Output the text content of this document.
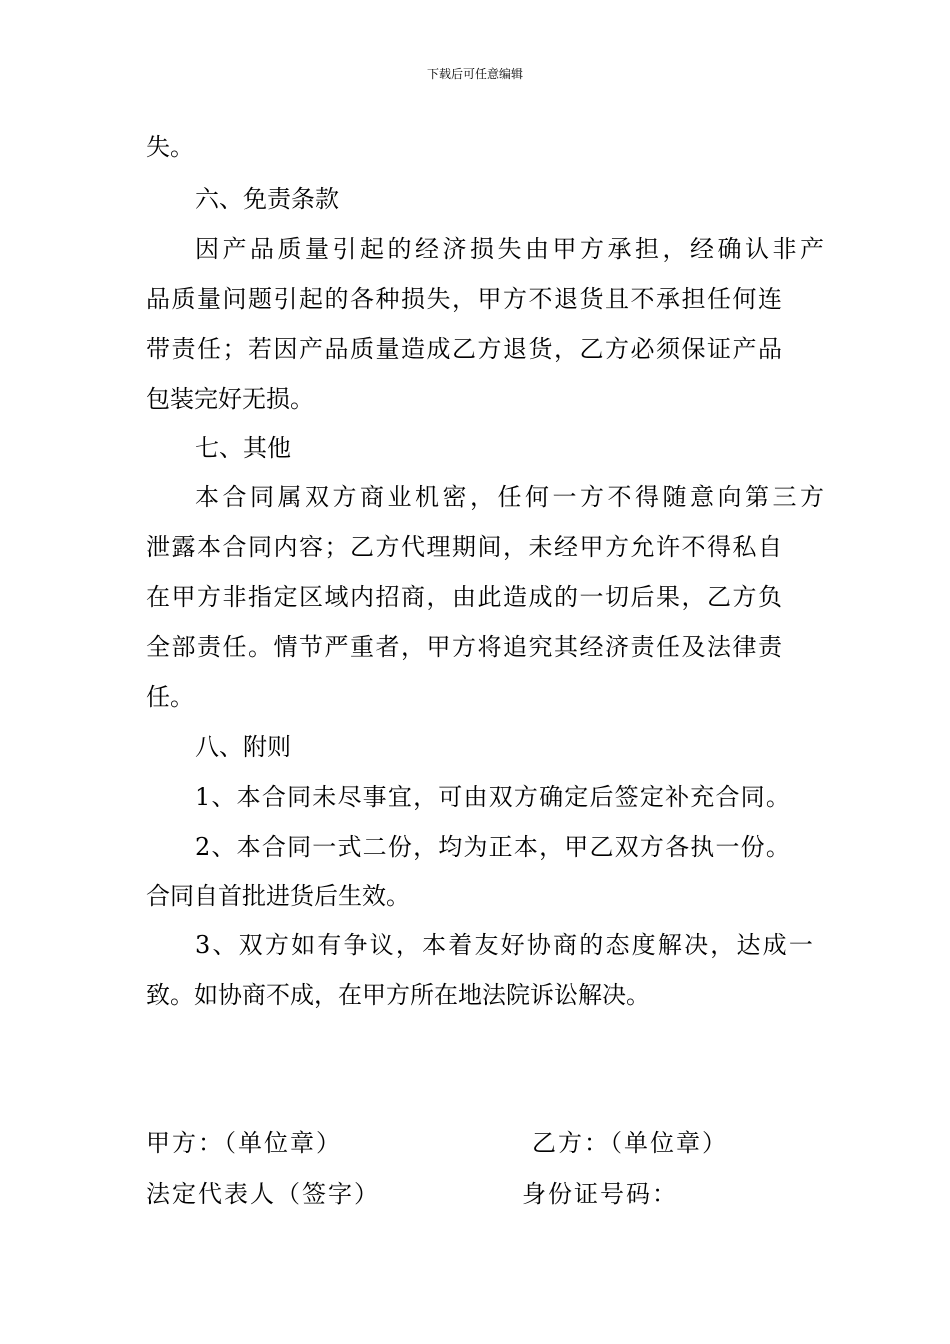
下载后可任意编辑
失。
六、免责条款
因产品质量引起的经济损失由甲方承担，经确认非产
品质量问题引起的各种损失，甲方不退货且不承担任何连
带责任；若因产品质量造成乙方退货，乙方必须保证产品
包装完好无损。
七、其他
本合同属双方商业机密，任何一方不得随意向第三方
泄露本合同内容；乙方代理期间，未经甲方允许不得私自
在甲方非指定区域内招商，由此造成的一切后果，乙方负
全部责任。情节严重者，甲方将追究其经济责任及法律责
任。
八、附则
1、本合同未尽事宜，可由双方确定后签定补充合同。
2、本合同一式二份，均为正本，甲乙双方各执一份。
合同自首批进货后生效。
3、双方如有争议，本着友好协商的态度解决，达成一
致。如协商不成，在甲方所在地法院诉讼解决。
甲方：（单位章）	乙方：（单位章）
法定代表人（签字）	身份证号码：
